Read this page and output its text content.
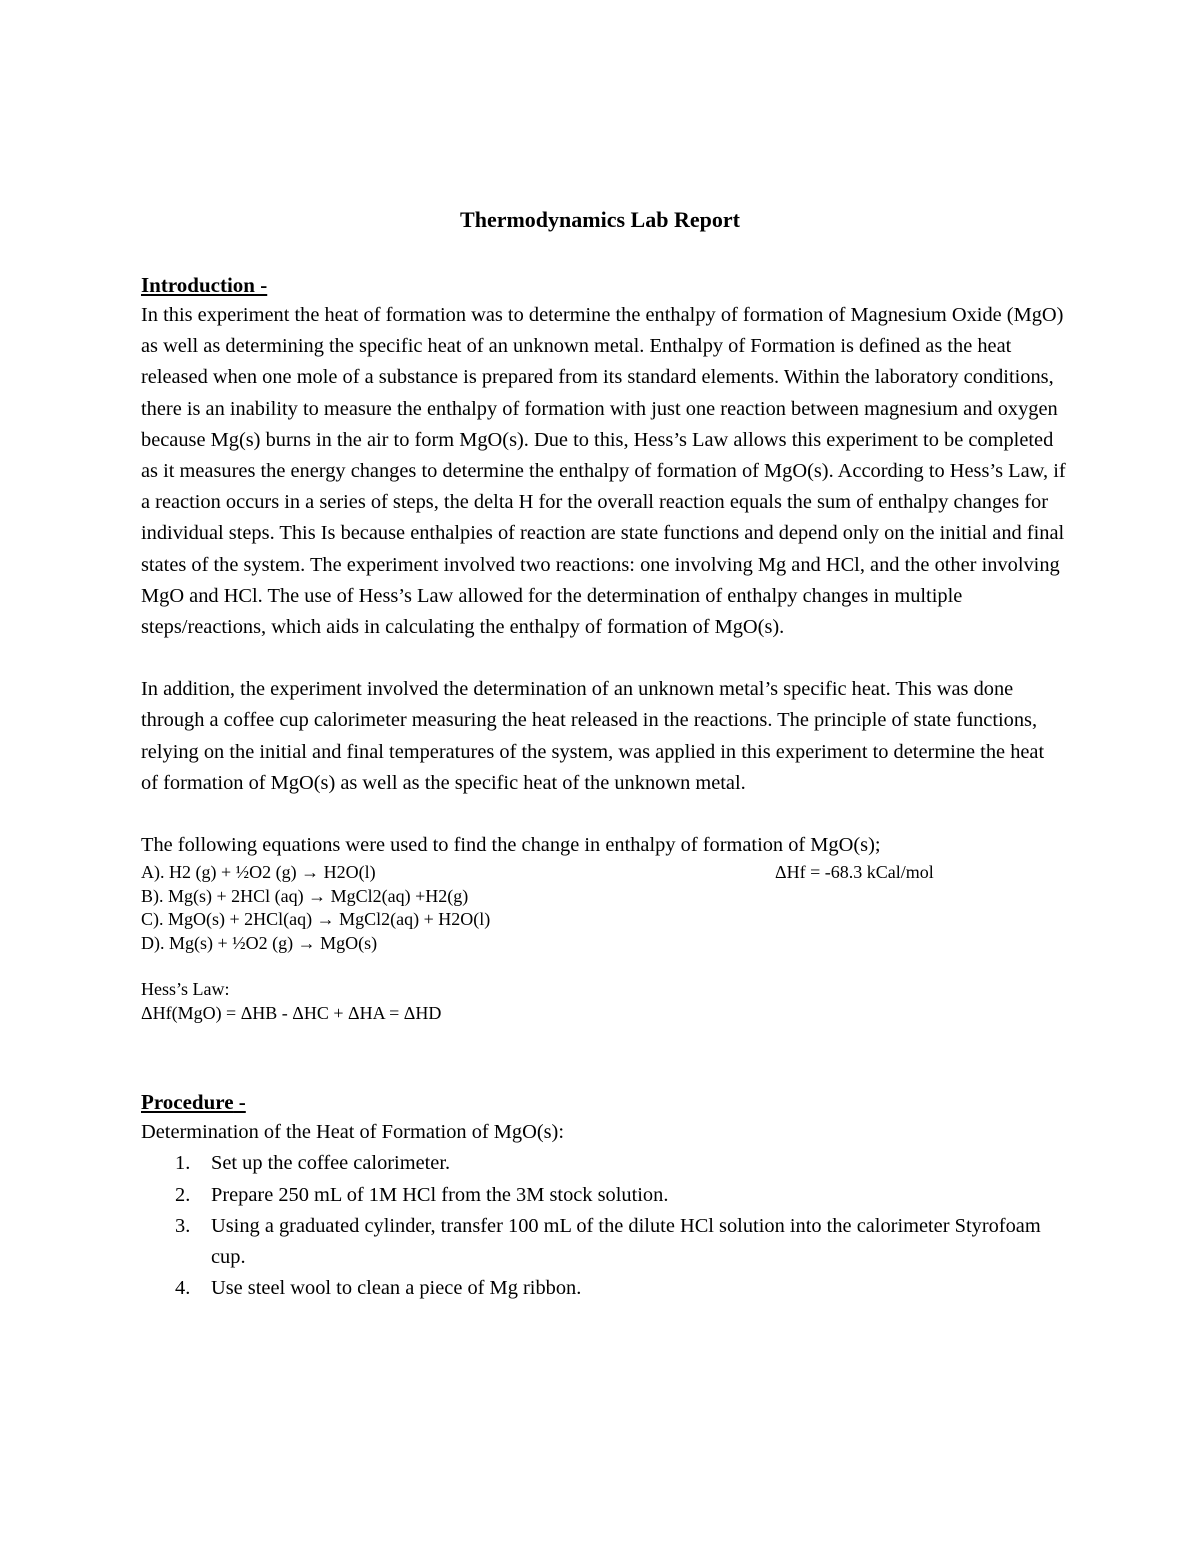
Thermodynamics Lab Report

Introduction -

In this experiment the heat of formation was to determine the enthalpy of formation of Magnesium Oxide (MgO) as well as determining the specific heat of an unknown metal. Enthalpy of Formation is defined as the heat released when one mole of a substance is prepared from its standard elements. Within the laboratory conditions, there is an inability to measure the enthalpy of formation with just one reaction between magnesium and oxygen because Mg(s) burns in the air to form MgO(s). Due to this, Hess’s Law allows this experiment to be completed as it measures the energy changes to determine the enthalpy of formation of MgO(s). According to Hess’s Law, if a reaction occurs in a series of steps, the delta H for the overall reaction equals the sum of enthalpy changes for individual steps. This Is because enthalpies of reaction are state functions and depend only on the initial and final states of the system. The experiment involved two reactions: one involving Mg and HCl, and the other involving MgO and HCl. The use of Hess’s Law allowed for the determination of enthalpy changes in multiple steps/reactions, which aids in calculating the enthalpy of formation of MgO(s).

In addition, the experiment involved the determination of an unknown metal’s specific heat. This was done through a coffee cup calorimeter measuring the heat released in the reactions. The principle of state functions, relying on the initial and final temperatures of the system, was applied in this experiment to determine the heat of formation of MgO(s) as well as the specific heat of the unknown metal.

The following equations were used to find the change in enthalpy of formation of MgO(s);

A). H2 (g) + ½O2 (g) → H2O(l)	ΔHf = -68.3 kCal/mol
B). Mg(s) + 2HCl (aq) → MgCl2(aq) +H2(g)
C). MgO(s) + 2HCl(aq) → MgCl2(aq) + H2O(l)
D). Mg(s) + ½O2 (g) → MgO(s)
Hess’s Law:
ΔHf(MgO) = ΔHB - ΔHC + ΔHA = ΔHD

Procedure -

Determination of the Heat of Formation of MgO(s):

1. Set up the coffee calorimeter.
2. Prepare 250 mL of 1M HCl from the 3M stock solution.
3. Using a graduated cylinder, transfer 100 mL of the dilute HCl solution into the calorimeter Styrofoam cup.
4. Use steel wool to clean a piece of Mg ribbon.
